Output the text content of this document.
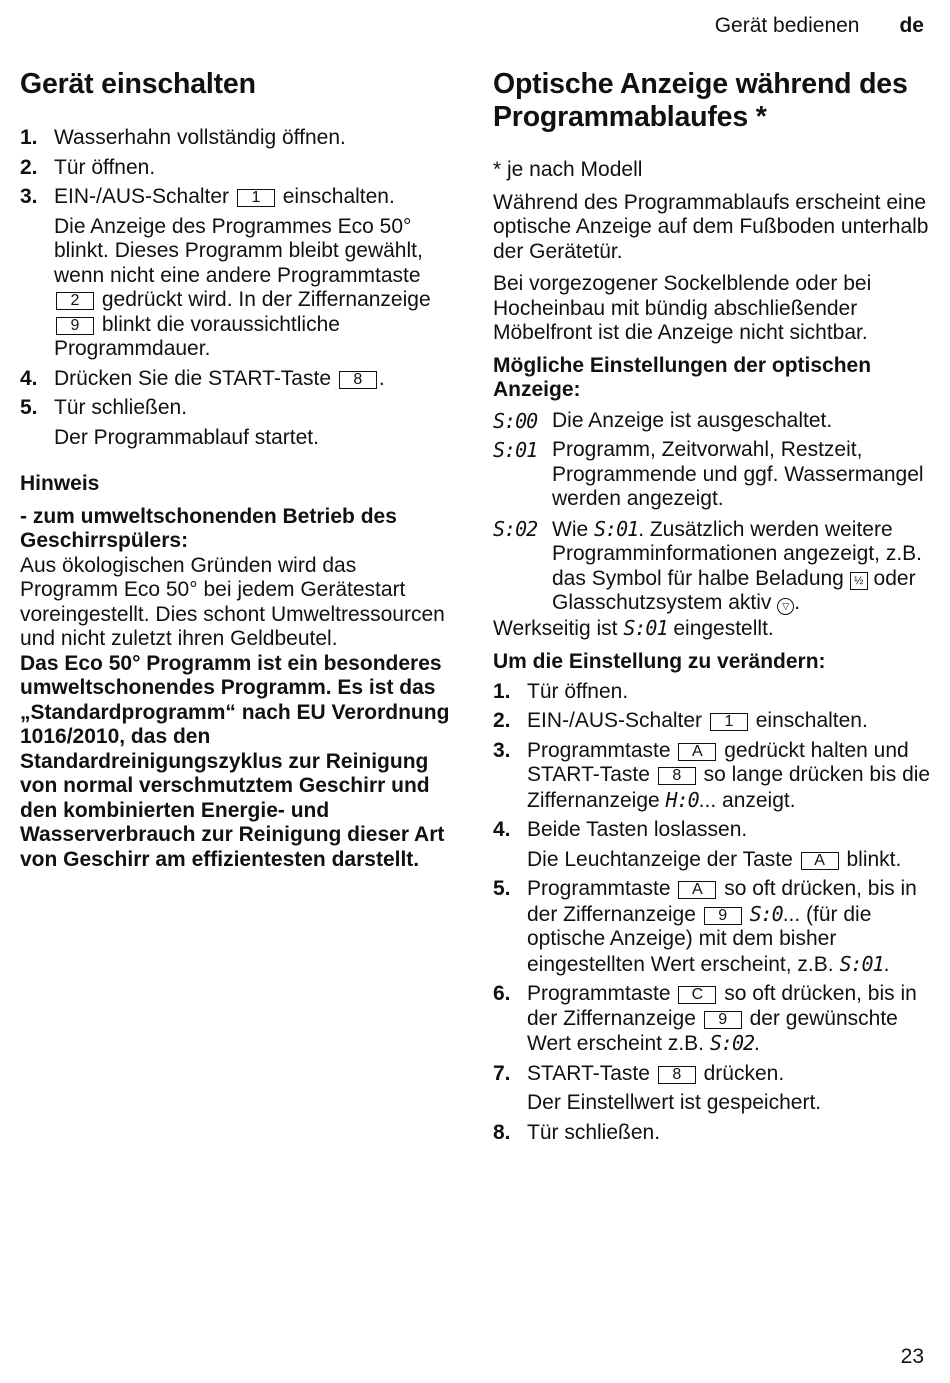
Gerät bedienen de
Gerät einschalten
1. Wasserhahn vollständig öffnen.
2. Tür öffnen.
3. EIN-/AUS-Schalter 1 einschalten.
Die Anzeige des Programmes Eco 50° blinkt. Dieses Programm bleibt gewählt, wenn nicht eine andere Programmtaste 2 gedrückt wird. In der Ziffernanzeige 9 blinkt die voraussichtliche Programmdauer.
4. Drücken Sie die START-Taste 8 .
5. Tür schließen.
Der Programmablauf startet.
Hinweis
- zum umweltschonenden Betrieb des Geschirrspülers:
Aus ökologischen Gründen wird das Programm Eco 50° bei jedem Gerätestart voreingestellt. Dies schont Umweltressourcen und nicht zuletzt ihren Geldbeutel.
Das Eco 50° Programm ist ein besonderes umweltschonendes Programm. Es ist das „Standardprogramm“ nach EU Verordnung 1016/2010, das den Standardreinigungszyklus zur Reinigung von normal verschmutztem Geschirr und den kombinierten Energie- und Wasserverbrauch zur Reinigung dieser Art von Geschirr am effizientesten darstellt.
Optische Anzeige während des Programmablaufes *
* je nach Modell
Während des Programmablaufs erscheint eine optische Anzeige auf dem Fußboden unterhalb der Gerätetür.
Bei vorgezogener Sockelblende oder bei Hocheinbau mit bündig abschließender Möbelfront ist die Anzeige nicht sichtbar.
Mögliche Einstellungen der optischen Anzeige:
S:00 Die Anzeige ist ausgeschaltet.
S:01 Programm, Zeitvorwahl, Restzeit, Programmende und ggf. Wassermangel werden angezeigt.
S:02 Wie S:01. Zusätzlich werden weitere Programminformationen angezeigt, z.B. das Symbol für halbe Beladung ½ oder Glasschutzsystem aktiv ▽ .
Werkseitig ist S:01 eingestellt.
Um die Einstellung zu verändern:
1. Tür öffnen.
2. EIN-/AUS-Schalter 1 einschalten.
3. Programmtaste A gedrückt halten und START-Taste 8 so lange drücken bis die Ziffernanzeige H:0... anzeigt.
4. Beide Tasten loslassen.
Die Leuchtanzeige der Taste A blinkt.
5. Programmtaste A so oft drücken, bis in der Ziffernanzeige 9 S:0... (für die optische Anzeige) mit dem bisher eingestellten Wert erscheint, z.B. S:01.
6. Programmtaste C so oft drücken, bis in der Ziffernanzeige 9 der gewünschte Wert erscheint z.B. S:02.
7. START-Taste 8 drücken.
Der Einstellwert ist gespeichert.
8. Tür schließen.
23
